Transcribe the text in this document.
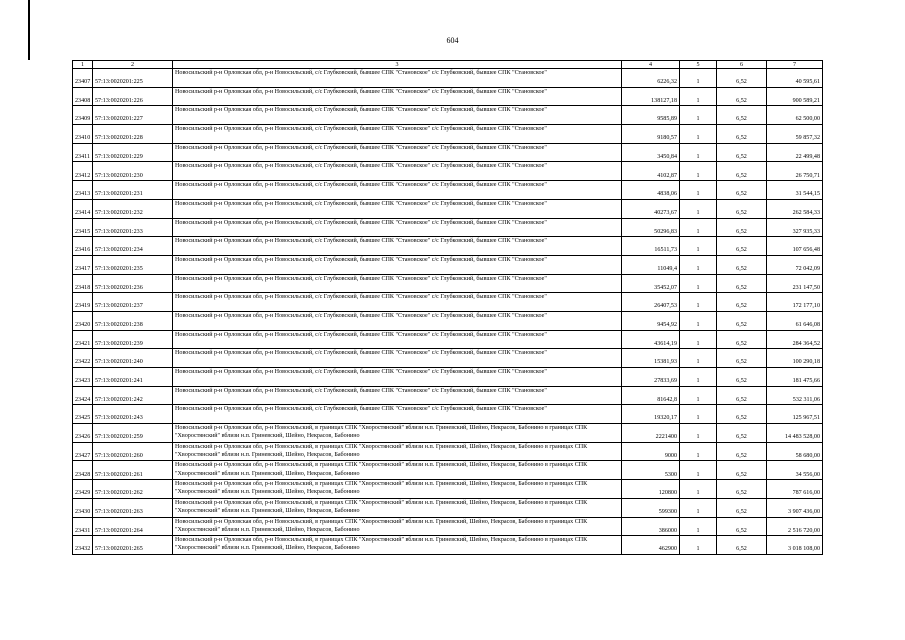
604
1	2	3	4	5	6	7
23407	57:13:0020201:225	Новосильский р-н Орловская обл, р-н Новосильский, с/с Глубковский, бывшее СПК "Становское" с/с Глубковский, бывшее СПК "Становское"	6226,32	1	6,52	40 595,61
23408	57:13:0020201:226	Новосильский р-н Орловская обл, р-н Новосильский, с/с Глубковский, бывшее СПК "Становское" с/с Глубковский, бывшее СПК "Становское"	138127,18	1	6,52	900 589,21
23409	57:13:0020201:227	Новосильский р-н Орловская обл, р-н Новосильский, с/с Глубковский, бывшее СПК "Становское" с/с Глубковский, бывшее СПК "Становское"	9585,89	1	6,52	62 500,00
23410	57:13:0020201:228	Новосильский р-н Орловская обл, р-н Новосильский, с/с Глубковский, бывшее СПК "Становское" с/с Глубковский, бывшее СПК "Становское"	9180,57	1	6,52	59 857,32
23411	57:13:0020201:229	Новосильский р-н Орловская обл, р-н Новосильский, с/с Глубковский, бывшее СПК "Становское" с/с Глубковский, бывшее СПК "Становское"	3450,84	1	6,52	22 499,48
23412	57:13:0020201:230	Новосильский р-н Орловская обл, р-н Новосильский, с/с Глубковский, бывшее СПК "Становское" с/с Глубковский, бывшее СПК "Становское"	4102,87	1	6,52	26 750,71
23413	57:13:0020201:231	Новосильский р-н Орловская обл, р-н Новосильский, с/с Глубковский, бывшее СПК "Становское" с/с Глубковский, бывшее СПК "Становское"	4838,06	1	6,52	31 544,15
23414	57:13:0020201:232	Новосильский р-н Орловская обл, р-н Новосильский, с/с Глубковский, бывшее СПК "Становское" с/с Глубковский, бывшее СПК "Становское"	40273,67	1	6,52	262 584,33
23415	57:13:0020201:233	Новосильский р-н Орловская обл, р-н Новосильский, с/с Глубковский, бывшее СПК "Становское" с/с Глубковский, бывшее СПК "Становское"	50296,83	1	6,52	327 935,33
23416	57:13:0020201:234	Новосильский р-н Орловская обл, р-н Новосильский, с/с Глубковский, бывшее СПК "Становское" с/с Глубковский, бывшее СПК "Становское"	16511,73	1	6,52	107 656,48
23417	57:13:0020201:235	Новосильский р-н Орловская обл, р-н Новосильский, с/с Глубковский, бывшее СПК "Становское" с/с Глубковский, бывшее СПК "Становское"	11049,4	1	6,52	72 042,09
23418	57:13:0020201:236	Новосильский р-н Орловская обл, р-н Новосильский, с/с Глубковский, бывшее СПК "Становское" с/с Глубковский, бывшее СПК "Становское"	35452,07	1	6,52	231 147,50
23419	57:13:0020201:237	Новосильский р-н Орловская обл, р-н Новосильский, с/с Глубковский, бывшее СПК "Становское" с/с Глубковский, бывшее СПК "Становское"	26407,53	1	6,52	172 177,10
23420	57:13:0020201:238	Новосильский р-н Орловская обл, р-н Новосильский, с/с Глубковский, бывшее СПК "Становское" с/с Глубковский, бывшее СПК "Становское"	9454,92	1	6,52	61 646,08
23421	57:13:0020201:239	Новосильский р-н Орловская обл, р-н Новосильский, с/с Глубковский, бывшее СПК "Становское" с/с Глубковский, бывшее СПК "Становское"	43614,19	1	6,52	284 364,52
23422	57:13:0020201:240	Новосильский р-н Орловская обл, р-н Новосильский, с/с Глубковский, бывшее СПК "Становское" с/с Глубковский, бывшее СПК "Становское"	15381,93	1	6,52	100 290,18
23423	57:13:0020201:241	Новосильский р-н Орловская обл, р-н Новосильский, с/с Глубковский, бывшее СПК "Становское" с/с Глубковский, бывшее СПК "Становское"	27833,69	1	6,52	181 475,66
23424	57:13:0020201:242	Новосильский р-н Орловская обл, р-н Новосильский, с/с Глубковский, бывшее СПК "Становское" с/с Глубковский, бывшее СПК "Становское"	81642,8	1	6,52	532 311,06
23425	57:13:0020201:243	Новосильский р-н Орловская обл, р-н Новосильский, с/с Глубковский, бывшее СПК "Становское" с/с Глубковский, бывшее СПК "Становское"	19320,17	1	6,52	125 967,51
23426	57:13:0020201:259	Новосильский р-н Орловская обл, р-н Новосильский, в границах СПК "Хворостянский" вблизи н.п. Гриневский, Шейно, Некрасов, Бабонино в границах СПК "Хворостянский" вблизи н.п. Гриневский, Шейно, Некрасов, Бабонино	2221400	1	6,52	14 483 528,00
23427	57:13:0020201:260	Новосильский р-н Орловская обл, р-н Новосильский, в границах СПК "Хворостянский" вблизи н.п. Гриневский, Шейно, Некрасов, Бабонино в границах СПК "Хворостянский" вблизи н.п. Гриневский, Шейно, Некрасов, Бабонино	9000	1	6,52	58 680,00
23428	57:13:0020201:261	Новосильский р-н Орловская обл, р-н Новосильский, в границах СПК "Хворостянский" вблизи н.п. Гриневский, Шейно, Некрасов, Бабонино в границах СПК "Хворостянский" вблизи н.п. Гриневский, Шейно, Некрасов, Бабонино	5300	1	6,52	34 556,00
23429	57:13:0020201:262	Новосильский р-н Орловская обл, р-н Новосильский, в границах СПК "Хворостянский" вблизи н.п. Гриневский, Шейно, Некрасов, Бабонино в границах СПК "Хворостянский" вблизи н.п. Гриневский, Шейно, Некрасов, Бабонино	120800	1	6,52	787 616,00
23430	57:13:0020201:263	Новосильский р-н Орловская обл, р-н Новосильский, в границах СПК "Хворостянский" вблизи н.п. Гриневский, Шейно, Некрасов, Бабонино в границах СПК "Хворостянский" вблизи н.п. Гриневский, Шейно, Некрасов, Бабонино	599300	1	6,52	3 907 436,00
23431	57:13:0020201:264	Новосильский р-н Орловская обл, р-н Новосильский, в границах СПК "Хворостянский" вблизи н.п. Гриневский, Шейно, Некрасов, Бабонино в границах СПК "Хворостянский" вблизи н.п. Гриневский, Шейно, Некрасов, Бабонино	386000	1	6,52	2 516 720,00
23432	57:13:0020201:265	Новосильский р-н Орловская обл, р-н Новосильский, в границах СПК "Хворостянский" вблизи н.п. Гриневский, Шейно, Некрасов, Бабонино в границах СПК "Хворостянский" вблизи н.п. Гриневский, Шейно, Некрасов, Бабонино	462900	1	6,52	3 018 108,00
